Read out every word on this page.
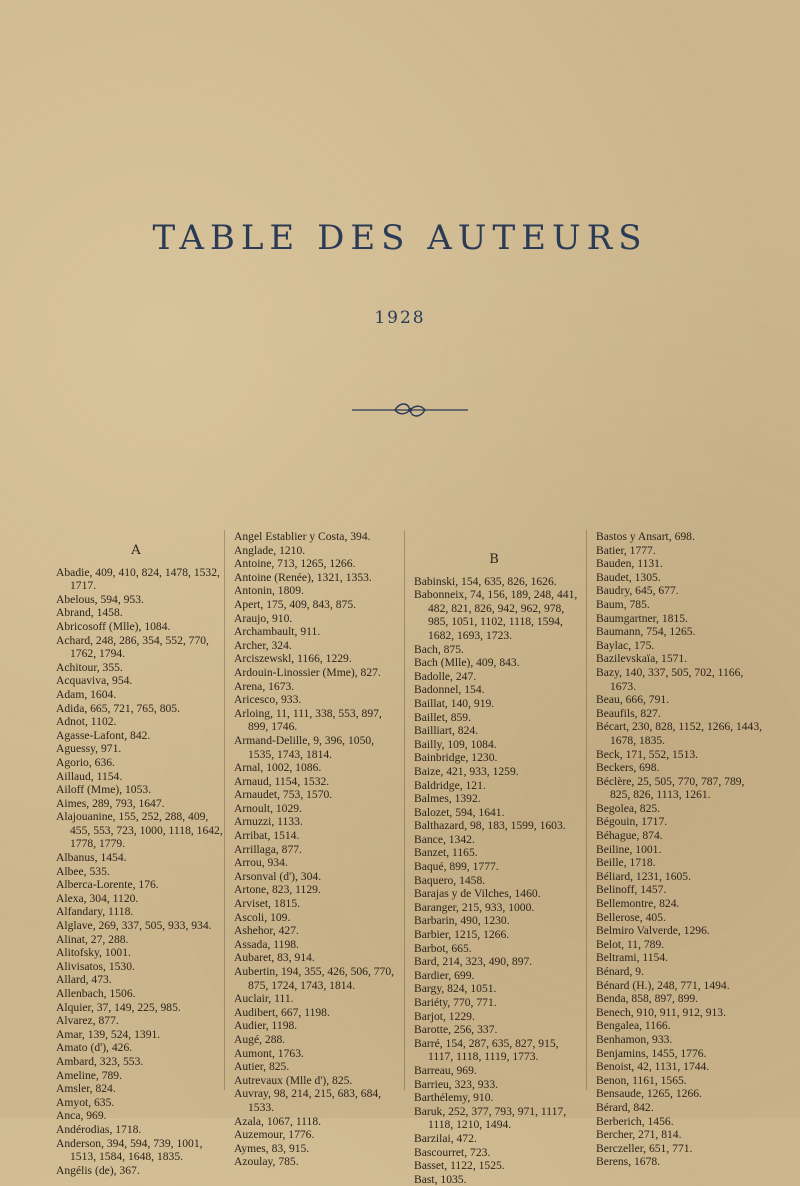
TABLE DES AUTEURS
1928
A
Abadie, 409, 410, 824, 1478, 1532, 1717.
Abelous, 594, 953.
Abrand, 1458.
Abricosoff (Mlle), 1084.
Achard, 248, 286, 354, 552, 770, 1762, 1794.
Achitour, 355.
Acquaviva, 954.
Adam, 1604.
Adida, 665, 721, 765, 805.
Adnot, 1102.
Agasse-Lafont, 842.
Aguessy, 971.
Agorio, 636.
Aillaud, 1154.
Ailoff (Mme), 1053.
Aimes, 289, 793, 1647.
Alajouanine, 155, 252, 288, 409, 455, 553, 723, 1000, 1118, 1642, 1778, 1779.
Albanus, 1454.
Albee, 535.
Alberca-Lorente, 176.
Alexa, 304, 1120.
Alfandary, 1118.
Alglave, 269, 337, 505, 933, 934.
Alinat, 27, 288.
Alitofsky, 1001.
Alivisatos, 1530.
Allard, 473.
Allenbach, 1506.
Alquier, 37, 149, 225, 985.
Alvarez, 877.
Amar, 139, 524, 1391.
Amato (d'), 426.
Ambard, 323, 553.
Ameline, 789.
Amsler, 824.
Amyot, 635.
Anca, 969.
Andérodias, 1718.
Anderson, 394, 594, 739, 1001, 1513, 1584, 1648, 1835.
Angélis (de), 367.
Angel Establier y Costa, 394.
Anglade, 1210.
Antoine, 713, 1265, 1266.
Antoine (Renée), 1321, 1353.
Antonin, 1809.
Apert, 175, 409, 843, 875.
Araujo, 910.
Archambault, 911.
Archer, 324.
Arciszewskl, 1166, 1229.
Ardouin-Linossier (Mme), 827.
Arena, 1673.
Aricesco, 933.
Arloing, 11, 111, 338, 553, 897, 899, 1746.
Armand-Delille, 9, 396, 1050, 1535, 1743, 1814.
Arnal, 1002, 1086.
Arnaud, 1154, 1532.
Arnaudet, 753, 1570.
Arnoult, 1029.
Arnuzzi, 1133.
Arribat, 1514.
Arrillaga, 877.
Arrou, 934.
Arsonval (d'), 304.
Artone, 823, 1129.
Arviset, 1815.
Ascoli, 109.
Ashehor, 427.
Assada, 1198.
Aubaret, 83, 914.
Aubertin, 194, 355, 426, 506, 770, 875, 1724, 1743, 1814.
Auclair, 111.
Audibert, 667, 1198.
Audier, 1198.
Augé, 288.
Aumont, 1763.
Autier, 825.
Autrevaux (Mlle d'), 825.
Auvray, 98, 214, 215, 683, 684, 1533.
Azala, 1067, 1118.
Auzemour, 1776.
Aymes, 83, 915.
Azoulay, 785.
B
Babinski, 154, 635, 826, 1626.
Babonneix, 74, 156, 189, 248, 441, 482, 821, 826, 942, 962, 978, 985, 1051, 1102, 1118, 1594, 1682, 1693, 1723.
Bach, 875.
Bach (Mlle), 409, 843.
Badolle, 247.
Badonnel, 154.
Baillat, 140, 919.
Baillet, 859.
Bailliart, 824.
Bailly, 109, 1084.
Bainbridge, 1230.
Baize, 421, 933, 1259.
Baldridge, 121.
Balmes, 1392.
Balozet, 594, 1641.
Balthazard, 98, 183, 1599, 1603.
Bance, 1342.
Banzet, 1165.
Baqué, 899, 1777.
Baquero, 1458.
Barajas y de Vilches, 1460.
Baranger, 215, 933, 1000.
Barbarin, 490, 1230.
Barbier, 1215, 1266.
Barbot, 665.
Bard, 214, 323, 490, 897.
Bardier, 699.
Bargy, 824, 1051.
Bariéty, 770, 771.
Barjot, 1229.
Barotte, 256, 337.
Barré, 154, 287, 635, 827, 915, 1117, 1118, 1119, 1773.
Barreau, 969.
Barrieu, 323, 933.
Barthélemy, 910.
Baruk, 252, 377, 793, 971, 1117, 1118, 1210, 1494.
Barzilai, 472.
Bascourret, 723.
Basset, 1122, 1525.
Bast, 1035.
Bastos y Ansart, 698.
Batier, 1777.
Bauden, 1131.
Baudet, 1305.
Baudry, 645, 677.
Baum, 785.
Baumgartner, 1815.
Baumann, 754, 1265.
Baylac, 175.
Bazilevskaïa, 1571.
Bazy, 140, 337, 505, 702, 1166, 1673.
Beau, 666, 791.
Beaufils, 827.
Bécart, 230, 828, 1152, 1266, 1443, 1678, 1835.
Beck, 171, 552, 1513.
Beckers, 698.
Béclère, 25, 505, 770, 787, 789, 825, 826, 1113, 1261.
Begolea, 825.
Bégouin, 1717.
Béhague, 874.
Beiline, 1001.
Beille, 1718.
Béliard, 1231, 1605.
Belinoff, 1457.
Bellemontre, 824.
Bellerose, 405.
Belmiro Valverde, 1296.
Belot, 11, 789.
Beltrami, 1154.
Bénard, 9.
Bénard (H.), 248, 771, 1494.
Benda, 858, 897, 899.
Benech, 910, 911, 912, 913.
Bengalea, 1166.
Benhamon, 933.
Benjamins, 1455, 1776.
Benoist, 42, 1131, 1744.
Benon, 1161, 1565.
Bensaude, 1265, 1266.
Bérard, 842.
Berberich, 1456.
Bercher, 271, 814.
Berczeller, 651, 771.
Berens, 1678.
